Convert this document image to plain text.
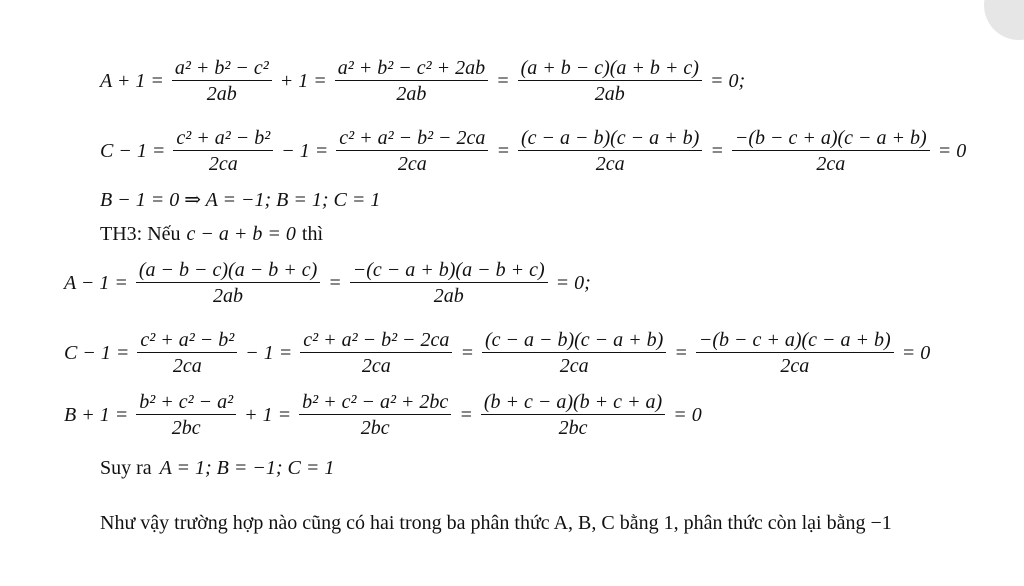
$A + 1 = \frac{\text{a² + b² − c²}}{2ab} + 1 = \frac{\text{a² + b² − c² + 2ab}}{2ab} = \frac{(a + b - c)(a + b + c)}{2ab} = 0$;
$C - 1 = \frac{\text{c² + a² − b²}}{2ca} - 1 = \frac{\text{c² + a² − b² − 2ca}}{2ca} = \frac{(c - a - b)(c - a + b)}{2ca} = \frac{-(b - c + a)(c - a + b)}{2ca} = 0$
B − 1 = 0 ⇒ A = −1; B = 1; C = 1
TH3: Nếu c − a + b = 0 thì
$A - 1 = \frac{(a - b - c)(a - b + c)}{2ab} = \frac{-(c - a + b)(a - b + c)}{2ab} = 0$;
$C - 1 = \frac{\text{c² + a² − b²}}{2ca} - 1 = \frac{\text{c² + a² − b² − 2ca}}{2ca} = \frac{(c - a - b)(c - a + b)}{2ca} = \frac{-(b - c + a)(c - a + b)}{2ca} = 0$
$B + 1 = \frac{\text{b² + c² − a²}}{2bc} + 1 = \frac{\text{b² + c² − a² + 2bc}}{2bc} = \frac{(b + c - a)(b + c + a)}{2bc} = 0$
Suy ra A = 1; B = −1; C = 1
Như vậy trường hợp nào cũng có hai trong ba phân thức A, B, C bằng 1, phân thức còn lại bằng −1
